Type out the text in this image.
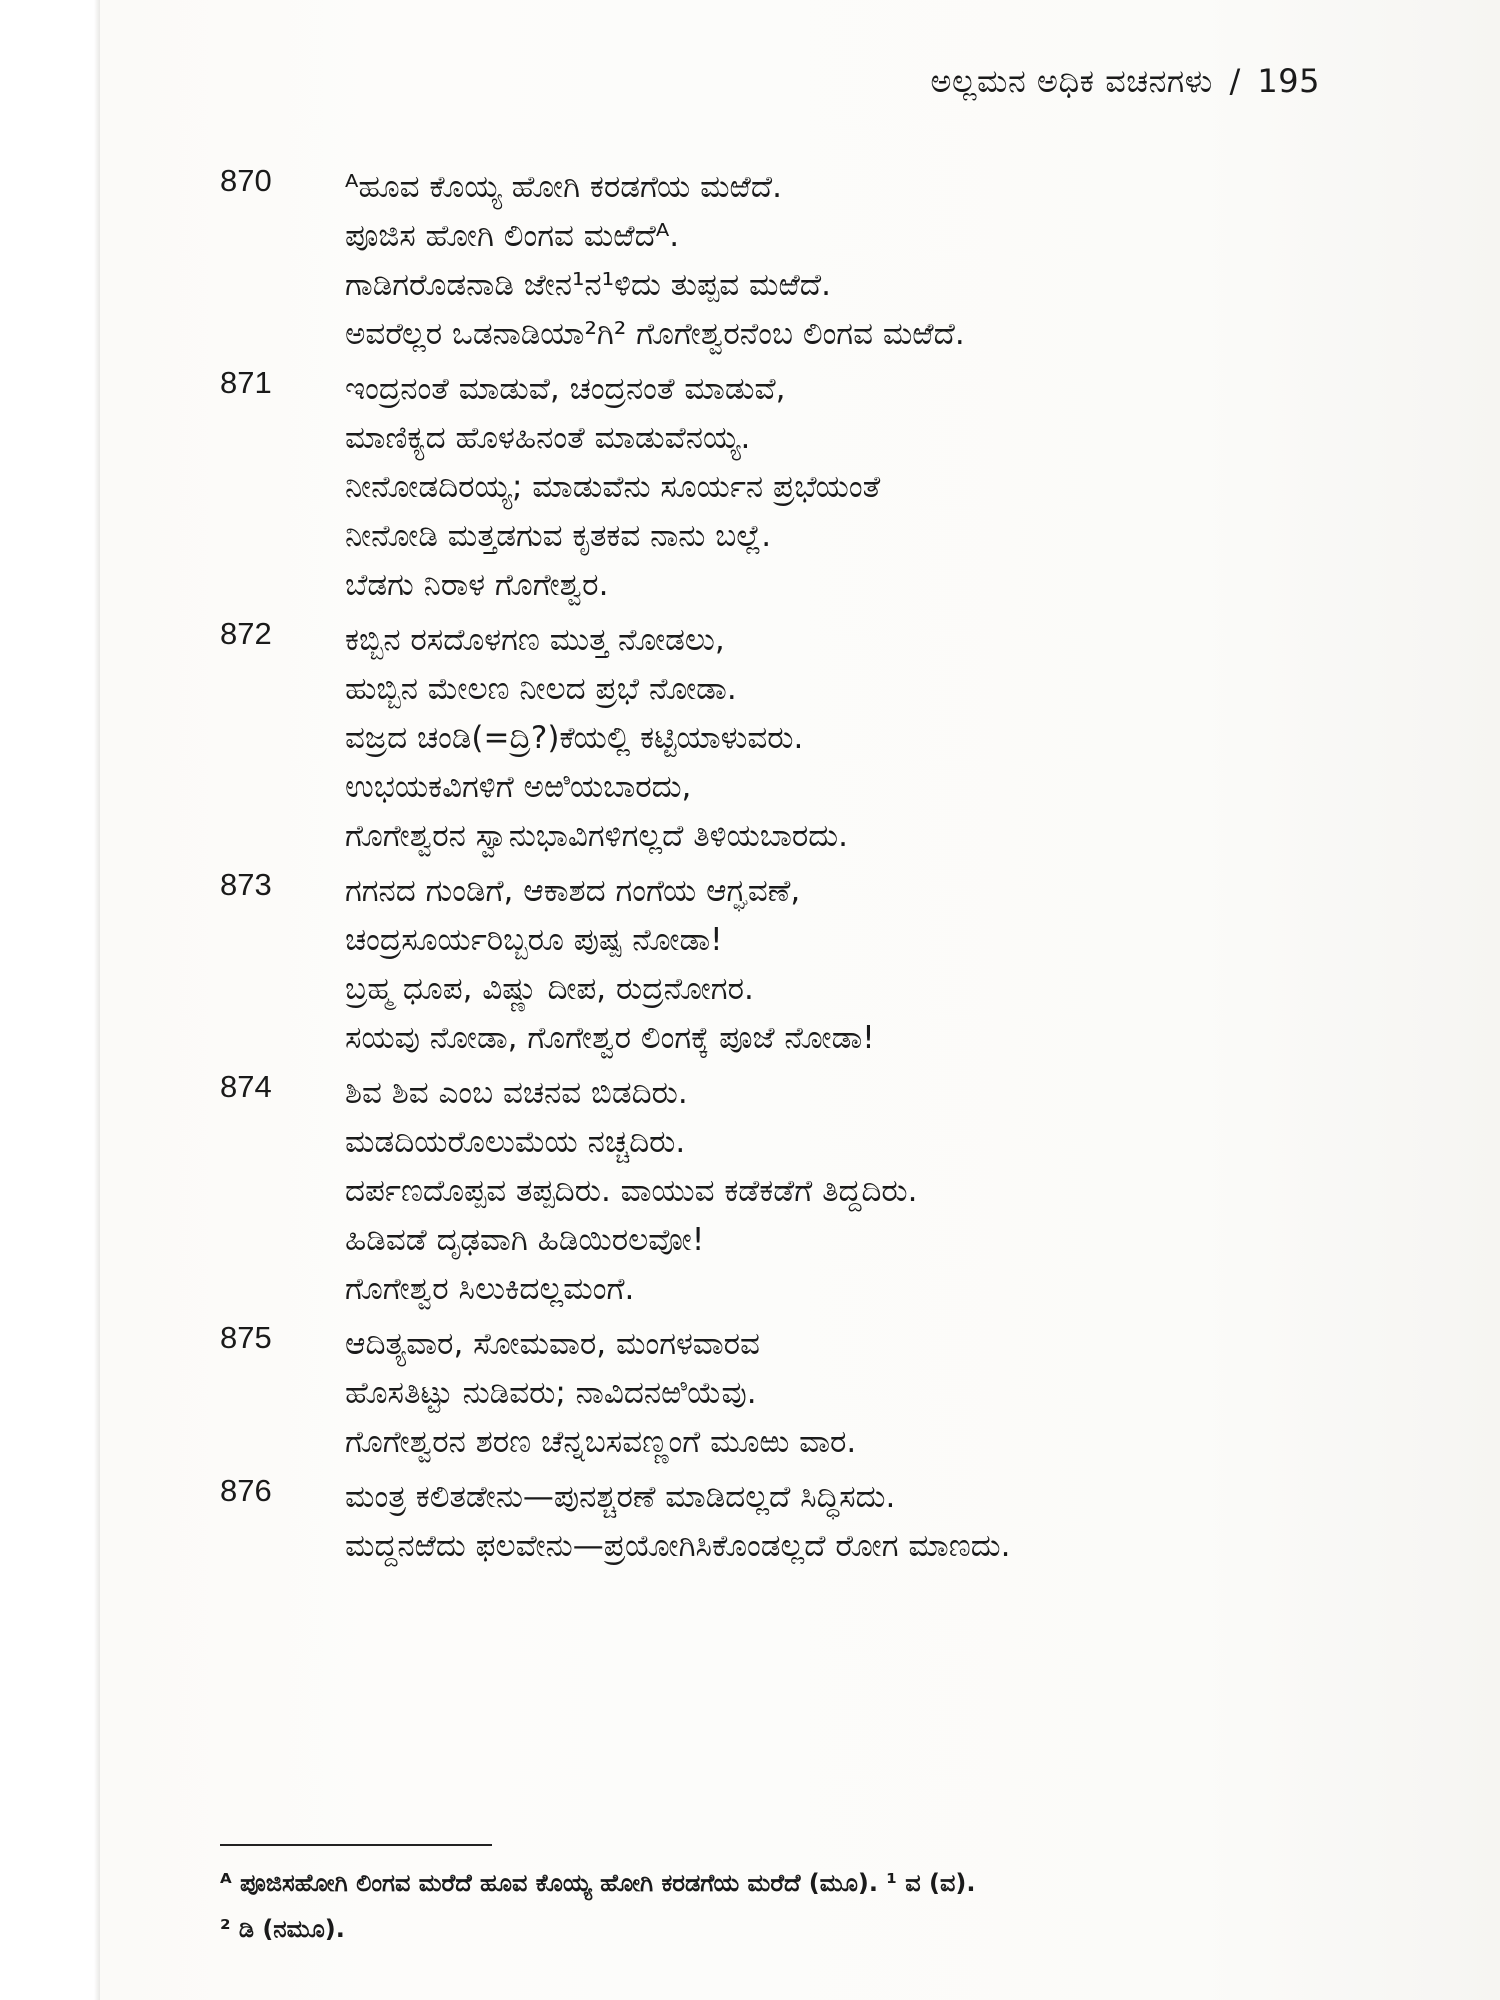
ಅಲ್ಲಮನ ಅಧಿಕ ವಚನಗಳು / 195
870 ᴬಹೂವ ಕೊಯ್ಯ ಹೋಗಿ ಕರಡಗೆಯ ಮಱೆದೆ.
ಪೂಜಿಸ ಹೋಗಿ ಲಿಂಗವ ಮಱೆದೆᴬ.
ಗಾಡಿಗರೊಡನಾಡಿ ಜೇನ¹ನ¹ಳಿದು ತುಪ್ಪವ ಮಱೆದೆ.
ಅವರೆಲ್ಲರ ಒಡನಾಡಿಯಾ²ಗಿ² ಗೊಗೇಶ್ವರನೆಂಬ ಲಿಂಗವ ಮಱೆದೆ.
871 ಇಂದ್ರನಂತೆ ಮಾಡುವೆ, ಚಂದ್ರನಂತೆ ಮಾಡುವೆ,
ಮಾಣಿಕ್ಯದ ಹೊಳಹಿನಂತೆ ಮಾಡುವೆನಯ್ಯ.
ನೀನೋಡದಿರಯ್ಯ; ಮಾಡುವೆನು ಸೂರ್ಯನ ಪ್ರಭೆಯಂತೆ
ನೀನೋಡಿ ಮತ್ತಡಗುವ ಕೃತಕವ ನಾನು ಬಲ್ಲೆ.
ಬೆಡಗು ನಿರಾಳ ಗೊಗೇಶ್ವರ.
872 ಕಬ್ಬಿನ ರಸದೊಳಗಣ ಮುತ್ತ ನೋಡಲು,
ಹುಬ್ಬಿನ ಮೇಲಣ ನೀಲದ ಪ್ರಭೆ ನೋಡಾ.
ವಜ್ರದ ಚಂಡಿ(=ದ್ರಿ?)ಕೆಯಲ್ಲಿ ಕಟ್ಟಿಯಾಳುವರು.
ಉಭಯಕವಿಗಳಿಗೆ ಅಱಿಯಬಾರದು,
ಗೊಗೇಶ್ವರನ ಸ್ವಾನುಭಾವಿಗಳಿಗಲ್ಲದೆ ತಿಳಿಯಬಾರದು.
873 ಗಗನದ ಗುಂಡಿಗೆ, ಆಕಾಶದ ಗಂಗೆಯ ಆಗ್ಘವಣೆ,
ಚಂದ್ರಸೂರ್ಯರಿಬ್ಬರೂ ಪುಷ್ಪ ನೋಡಾ!
ಬ್ರಹ್ಮ ಧೂಪ, ವಿಷ್ಣು ದೀಪ, ರುದ್ರನೋಗರ.
ಸಯವು ನೋಡಾ, ಗೊಗೇಶ್ವರ ಲಿಂಗಕ್ಕೆ ಪೂಜೆ ನೋಡಾ!
874 ಶಿವ ಶಿವ ಎಂಬ ವಚನವ ಬಿಡದಿರು.
ಮಡದಿಯರೊಲುಮೆಯ ನಚ್ಚದಿರು.
ದರ್ಪಣದೊಪ್ಪವ ತಪ್ಪದಿರು. ವಾಯುವ ಕಡೆಕಡೆಗೆ ತಿದ್ದದಿರು.
ಹಿಡಿವಡೆ ದೃಢವಾಗಿ ಹಿಡಿಯಿರಲವೋ!
ಗೊಗೇಶ್ವರ ಸಿಲುಕಿದಲ್ಲಮಂಗೆ.
875 ಆದಿತ್ಯವಾರ, ಸೋಮವಾರ, ಮಂಗಳವಾರವ
ಹೊಸತಿಟ್ಟು ನುಡಿವರು; ನಾವಿದನಱಿಯೆವು.
ಗೊಗೇಶ್ವರನ ಶರಣ ಚೆನ್ನಬಸವಣ್ಣಂಗೆ ಮೂಱು ವಾರ.
876 ಮಂತ್ರ ಕಲಿತಡೇನು—ಪುನಶ್ಚರಣೆ ಮಾಡಿದಲ್ಲದೆ ಸಿದ್ಧಿಸದು.
ಮದ್ದನಱೆದು ಫಲವೇನು—ಪ್ರಯೋಗಿಸಿಕೊಂಡಲ್ಲದೆ ರೋಗ ಮಾಣದು.
ᴬ ಪೂಜಿಸಹೋಗಿ ಲಿಂಗವ ಮರೆದೆ ಹೂವ ಕೊಯ್ಯ ಹೋಗಿ ಕರಡಗೆಯ ಮರೆದೆ (ಮೂ). ¹ ವ (ವ).
² ಡಿ (ನಮೂ).
